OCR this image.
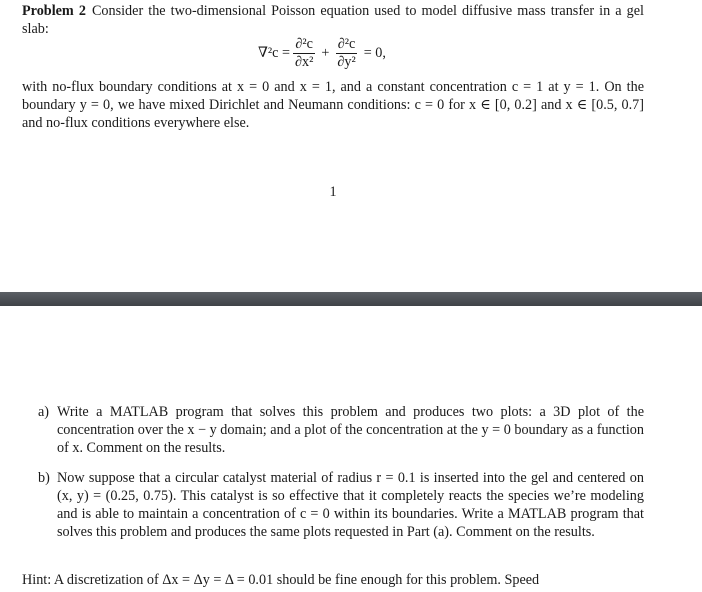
Problem 2 Consider the two-dimensional Poisson equation used to model diffusive mass transfer in a gel slab:
$\nabla^2c = \frac{\text{∂²c}}{\text{∂x²}} + \frac{\text{∂²c}}{\text{∂y²}} = 0$,
with no-flux boundary conditions at x = 0 and x = 1, and a constant concentration c = 1 at y = 1. On the boundary y = 0, we have mixed Dirichlet and Neumann conditions: c = 0 for x ∈ [0, 0.2] and x ∈ [0.5, 0.7] and no-flux conditions everywhere else.
1
a) Write a MATLAB program that solves this problem and produces two plots: a 3D plot of the concentration over the x − y domain; and a plot of the concentration at the y = 0 boundary as a function of x. Comment on the results.
b) Now suppose that a circular catalyst material of radius r = 0.1 is inserted into the gel and centered on (x, y) = (0.25, 0.75). This catalyst is so effective that it completely reacts the species we’re modeling and is able to maintain a concentration of c = 0 within its boundaries. Write a MATLAB program that solves this problem and produces the same plots requested in Part (a). Comment on the results.
Hint: A discretization of Δx = Δy = Δ = 0.01 should be fine enough for this problem. Speed
